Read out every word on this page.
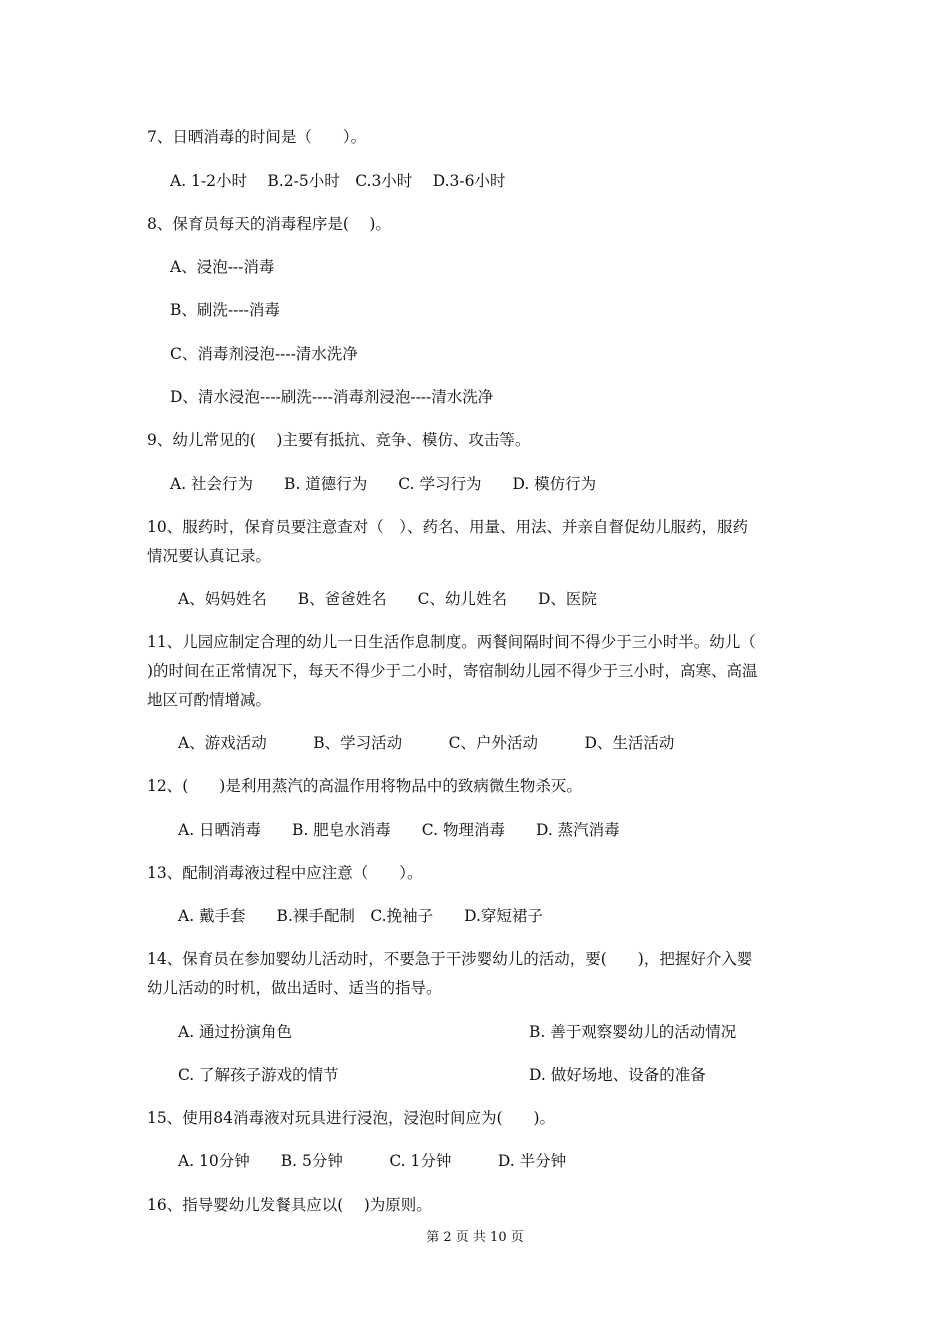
7、日晒消毒的时间是（　　）。
A. 1-2小时　 B.2-5小时　C.3小时　 D.3-6小时
8、保育员每天的消毒程序是(　 )。
A、浸泡---消毒
B、刷洗----消毒
C、消毒剂浸泡----清水洗净
D、清水浸泡----刷洗----消毒剂浸泡----清水洗净
9、幼儿常见的(　 )主要有抵抗、竞争、模仿、攻击等。
A. 社会行为　　B. 道德行为　　C. 学习行为　　D. 模仿行为
10、服药时，保育员要注意查对（　）、药名、用量、用法、并亲自督促幼儿服药，服药
情况要认真记录。
A、妈妈姓名　　B、爸爸姓名　　C、幼儿姓名　　D、医院
11、儿园应制定合理的幼儿一日生活作息制度。两餐间隔时间不得少于三小时半。幼儿（
)的时间在正常情况下，每天不得少于二小时，寄宿制幼儿园不得少于三小时，高寒、高温
地区可酌情增减。
A、游戏活动　　　B、学习活动　　　C、户外活动　　　D、生活活动
12、(　　)是利用蒸汽的高温作用将物品中的致病微生物杀灭。
A. 日晒消毒　　B. 肥皂水消毒　　C. 物理消毒　　D. 蒸汽消毒
13、配制消毒液过程中应注意（　　）。
A. 戴手套　　B.裸手配制　C.挽袖子　　D.穿短裙子
14、保育员在参加婴幼儿活动时，不要急于干涉婴幼儿的活动，要(　　)，把握好介入婴
幼儿活动的时机，做出适时、适当的指导。
A. 通过扮演角色	B. 善于观察婴幼儿的活动情况
C. 了解孩子游戏的情节	D. 做好场地、设备的准备
15、使用84消毒液对玩具进行浸泡，浸泡时间应为(　　)。
A. 10分钟　　B. 5分钟　　　C. 1分钟　　　D. 半分钟
16、指导婴幼儿发餐具应以(　 )为原则。
第 2 页 共 10 页
